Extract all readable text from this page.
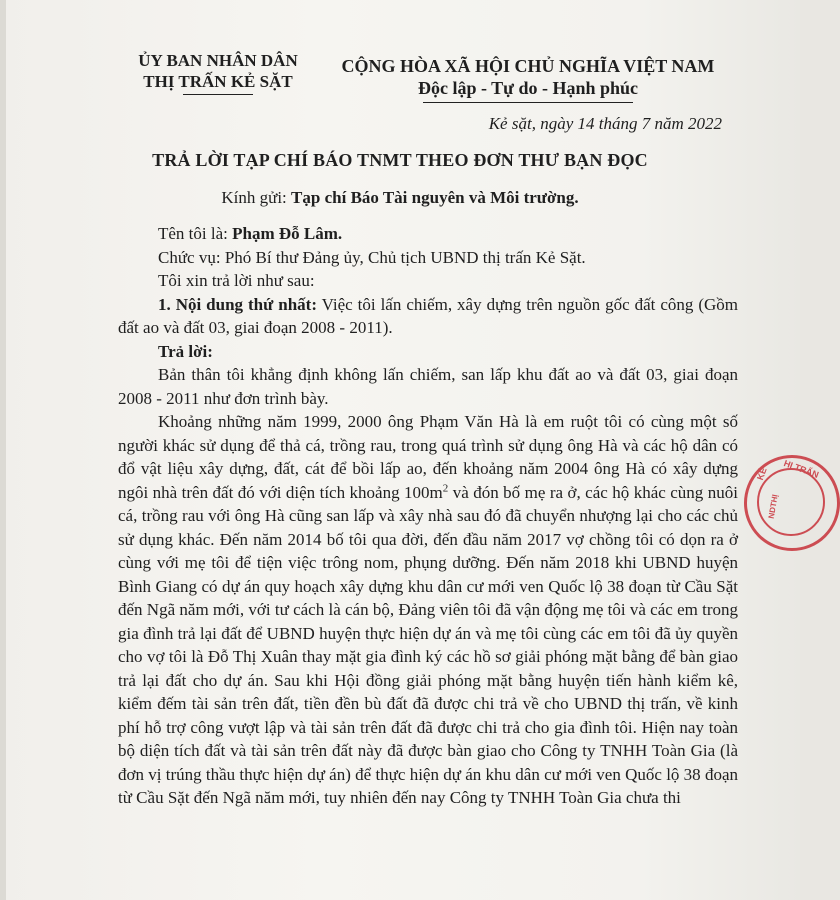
ỦY BAN NHÂN DÂN
THỊ TRẤN KẺ SẶT
CỘNG HÒA XÃ HỘI CHỦ NGHĨA VIỆT NAM
Độc lập - Tự do - Hạnh phúc
Kẻ sặt, ngày 14 tháng 7 năm 2022
TRẢ LỜI TẠP CHÍ BÁO TNMT THEO ĐƠN THƯ BẠN ĐỌC
Kính gửi: Tạp chí Báo Tài nguyên và Môi trường.

Tên tôi là: Phạm Đỗ Lâm.

Chức vụ: Phó Bí thư Đảng ủy, Chủ tịch UBND thị trấn Kẻ Sặt.

Tôi xin trả lời như sau:

1. Nội dung thứ nhất: Việc tôi lấn chiếm, xây dựng trên nguồn gốc đất công (Gồm đất ao và đất 03, giai đoạn 2008 - 2011).

Trả lời:

Bản thân tôi khẳng định không lấn chiếm, san lấp khu đất ao và đất 03, giai đoạn 2008 - 2011 như đơn trình bày.

Khoảng những năm 1999, 2000 ông Phạm Văn Hà là em ruột tôi có cùng một số người khác sử dụng để thả cá, trồng rau, trong quá trình sử dụng ông Hà và các hộ dân có đổ vật liệu xây dựng, đất, cát để bồi lấp ao, đến khoảng năm 2004 ông Hà có xây dựng ngôi nhà trên đất đó với diện tích khoảng $100m^2$ và đón bố mẹ ra ở, các hộ khác cùng nuôi cá, trồng rau với ông Hà cũng san lấp và xây nhà sau đó đã chuyển nhượng lại cho các chủ sử dụng khác. Đến năm 2014 bố tôi qua đời, đến đầu năm 2017 vợ chồng tôi có dọn ra ở cùng với mẹ tôi để tiện việc trông nom, phụng dưỡng. Đến năm 2018 khi UBND huyện Bình Giang có dự án quy hoạch xây dựng khu dân cư mới ven Quốc lộ 38 đoạn từ Cầu Sặt đến Ngã năm mới, với tư cách là cán bộ, Đảng viên tôi đã vận động mẹ tôi và các em trong gia đình trả lại đất để UBND huyện thực hiện dự án và mẹ tôi cùng các em tôi đã ủy quyền cho vợ tôi là Đỗ Thị Xuân thay mặt gia đình ký các hồ sơ giải phóng mặt bằng để bàn giao trả lại đất cho dự án. Sau khi Hội đồng giải phóng mặt bằng huyện tiến hành kiểm kê, kiểm đếm tài sản trên đất, tiền đền bù đất đã được chi trả về cho UBND thị trấn, về kinh phí hỗ trợ công vượt lập và tài sản trên đất đã được chi trả cho gia đình tôi. Hiện nay toàn bộ diện tích đất và tài sản trên đất này đã được bàn giao cho Công ty TNHH Toàn Gia (là đơn vị trúng thầu thực hiện dự án) để thực hiện dự án khu dân cư mới ven Quốc lộ 38 đoạn từ Cầu Sặt đến Ngã năm mới, tuy nhiên đến nay Công ty TNHH Toàn Gia chưa thi

HỊ TRẤN
NDTHỊ
KẺ
